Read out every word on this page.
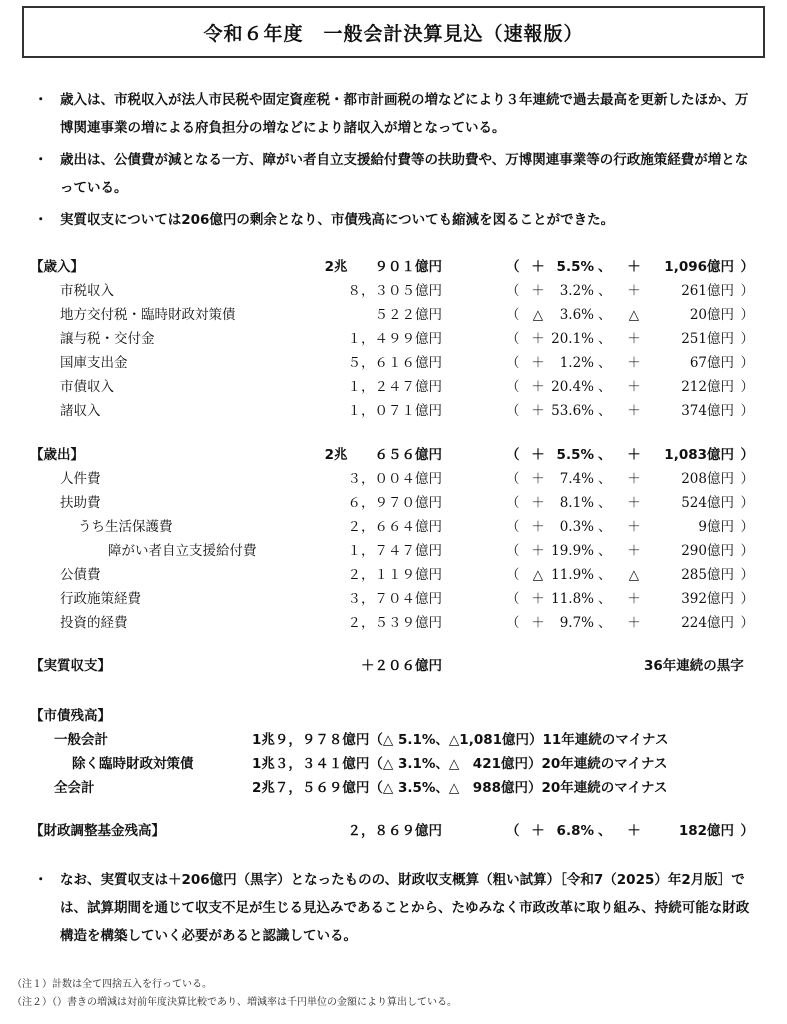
令和６年度　一般会計決算見込（速報版）
・ 歳入は、市税収入が法人市民税や固定資産税・都市計画税の増などにより３年連続で過去最高を更新したほか、万博関連事業の増による府負担分の増などにより諸収入が増となっている。
・ 歳出は、公債費が減となる一方、障がい者自立支援給付費等の扶助費や、万博関連事業等の行政施策経費が増となっている。
・ 実質収支については206億円の剰余となり、市債残高についても縮減を図ることができた。
【歳入】	2兆　　９０１億円	（ ＋ 5.5% 、 ＋ 1,096億円 ）
市税収入	８，３０５億円	（ ＋ 3.2% 、 ＋	261億円 ）
地方交付税・臨時財政対策債	５２２億円	（ △	3.6% 、	△	20億円 ）
譲与税・交付金	１，４９９億円	（ ＋ 20.1% 、 ＋	251億円 ）
国庫支出金	５，６１６億円	（ ＋ 1.2% 、 ＋	67億円 ）
市債収入	１，２４７億円	（ ＋ 20.4% 、 ＋	212億円 ）
諸収入	１，０７１億円	（ ＋ 53.6% 、 ＋	374億円 ）
【歳出】	2兆　　６５６億円	（ ＋ 5.5% 、 ＋ 1,083億円 ）
人件費	３，００４億円	（ ＋ 7.4% 、 ＋	208億円 ）
扶助費	６，９７０億円	（ ＋ 8.1% 、 ＋	524億円 ）
うち生活保護費	２，６６４億円	（ ＋ 0.3% 、 ＋	9億円 ）
障がい者自立支援給付費	１，７４７億円	（ ＋ 19.9% 、 ＋	290億円 ）
公債費	２，１１９億円	（ △ 11.9% 、	△	285億円 ）
行政施策経費	３，７０４億円	（ ＋ 11.8% 、 ＋	392億円 ）
投資的経費	２，５３９億円	（ ＋ 9.7% 、 ＋	224億円 ）
【実質収支】	＋２０６億円	36年連続の黒字
【市債残高】
一般会計	1兆９，９７８億円（△ 5.1%、△1,081億円）11年連続のマイナス
除く臨時財政対策債	1兆３，３４１億円（△ 3.1%、△　421億円）20年連続のマイナス
全会計	2兆７，５６９億円（△ 3.5%、△　988億円）20年連続のマイナス
【財政調整基金残高】	２，８６９億円	（ ＋ 6.8% 、 ＋	182億円 ）
・ なお、実質収支は＋206億円（黒字）となったものの、財政収支概算（粗い試算）［令和7（2025）年2月版］では、試算期間を通じて収支不足が生じる見込みであることから、たゆみなく市政改革に取り組み、持続可能な財政構造を構築していく必要があると認識している。
（注１）計数は全て四捨五入を行っている。
（注２）（）書きの増減は対前年度決算比較であり、増減率は千円単位の金額により算出している。
